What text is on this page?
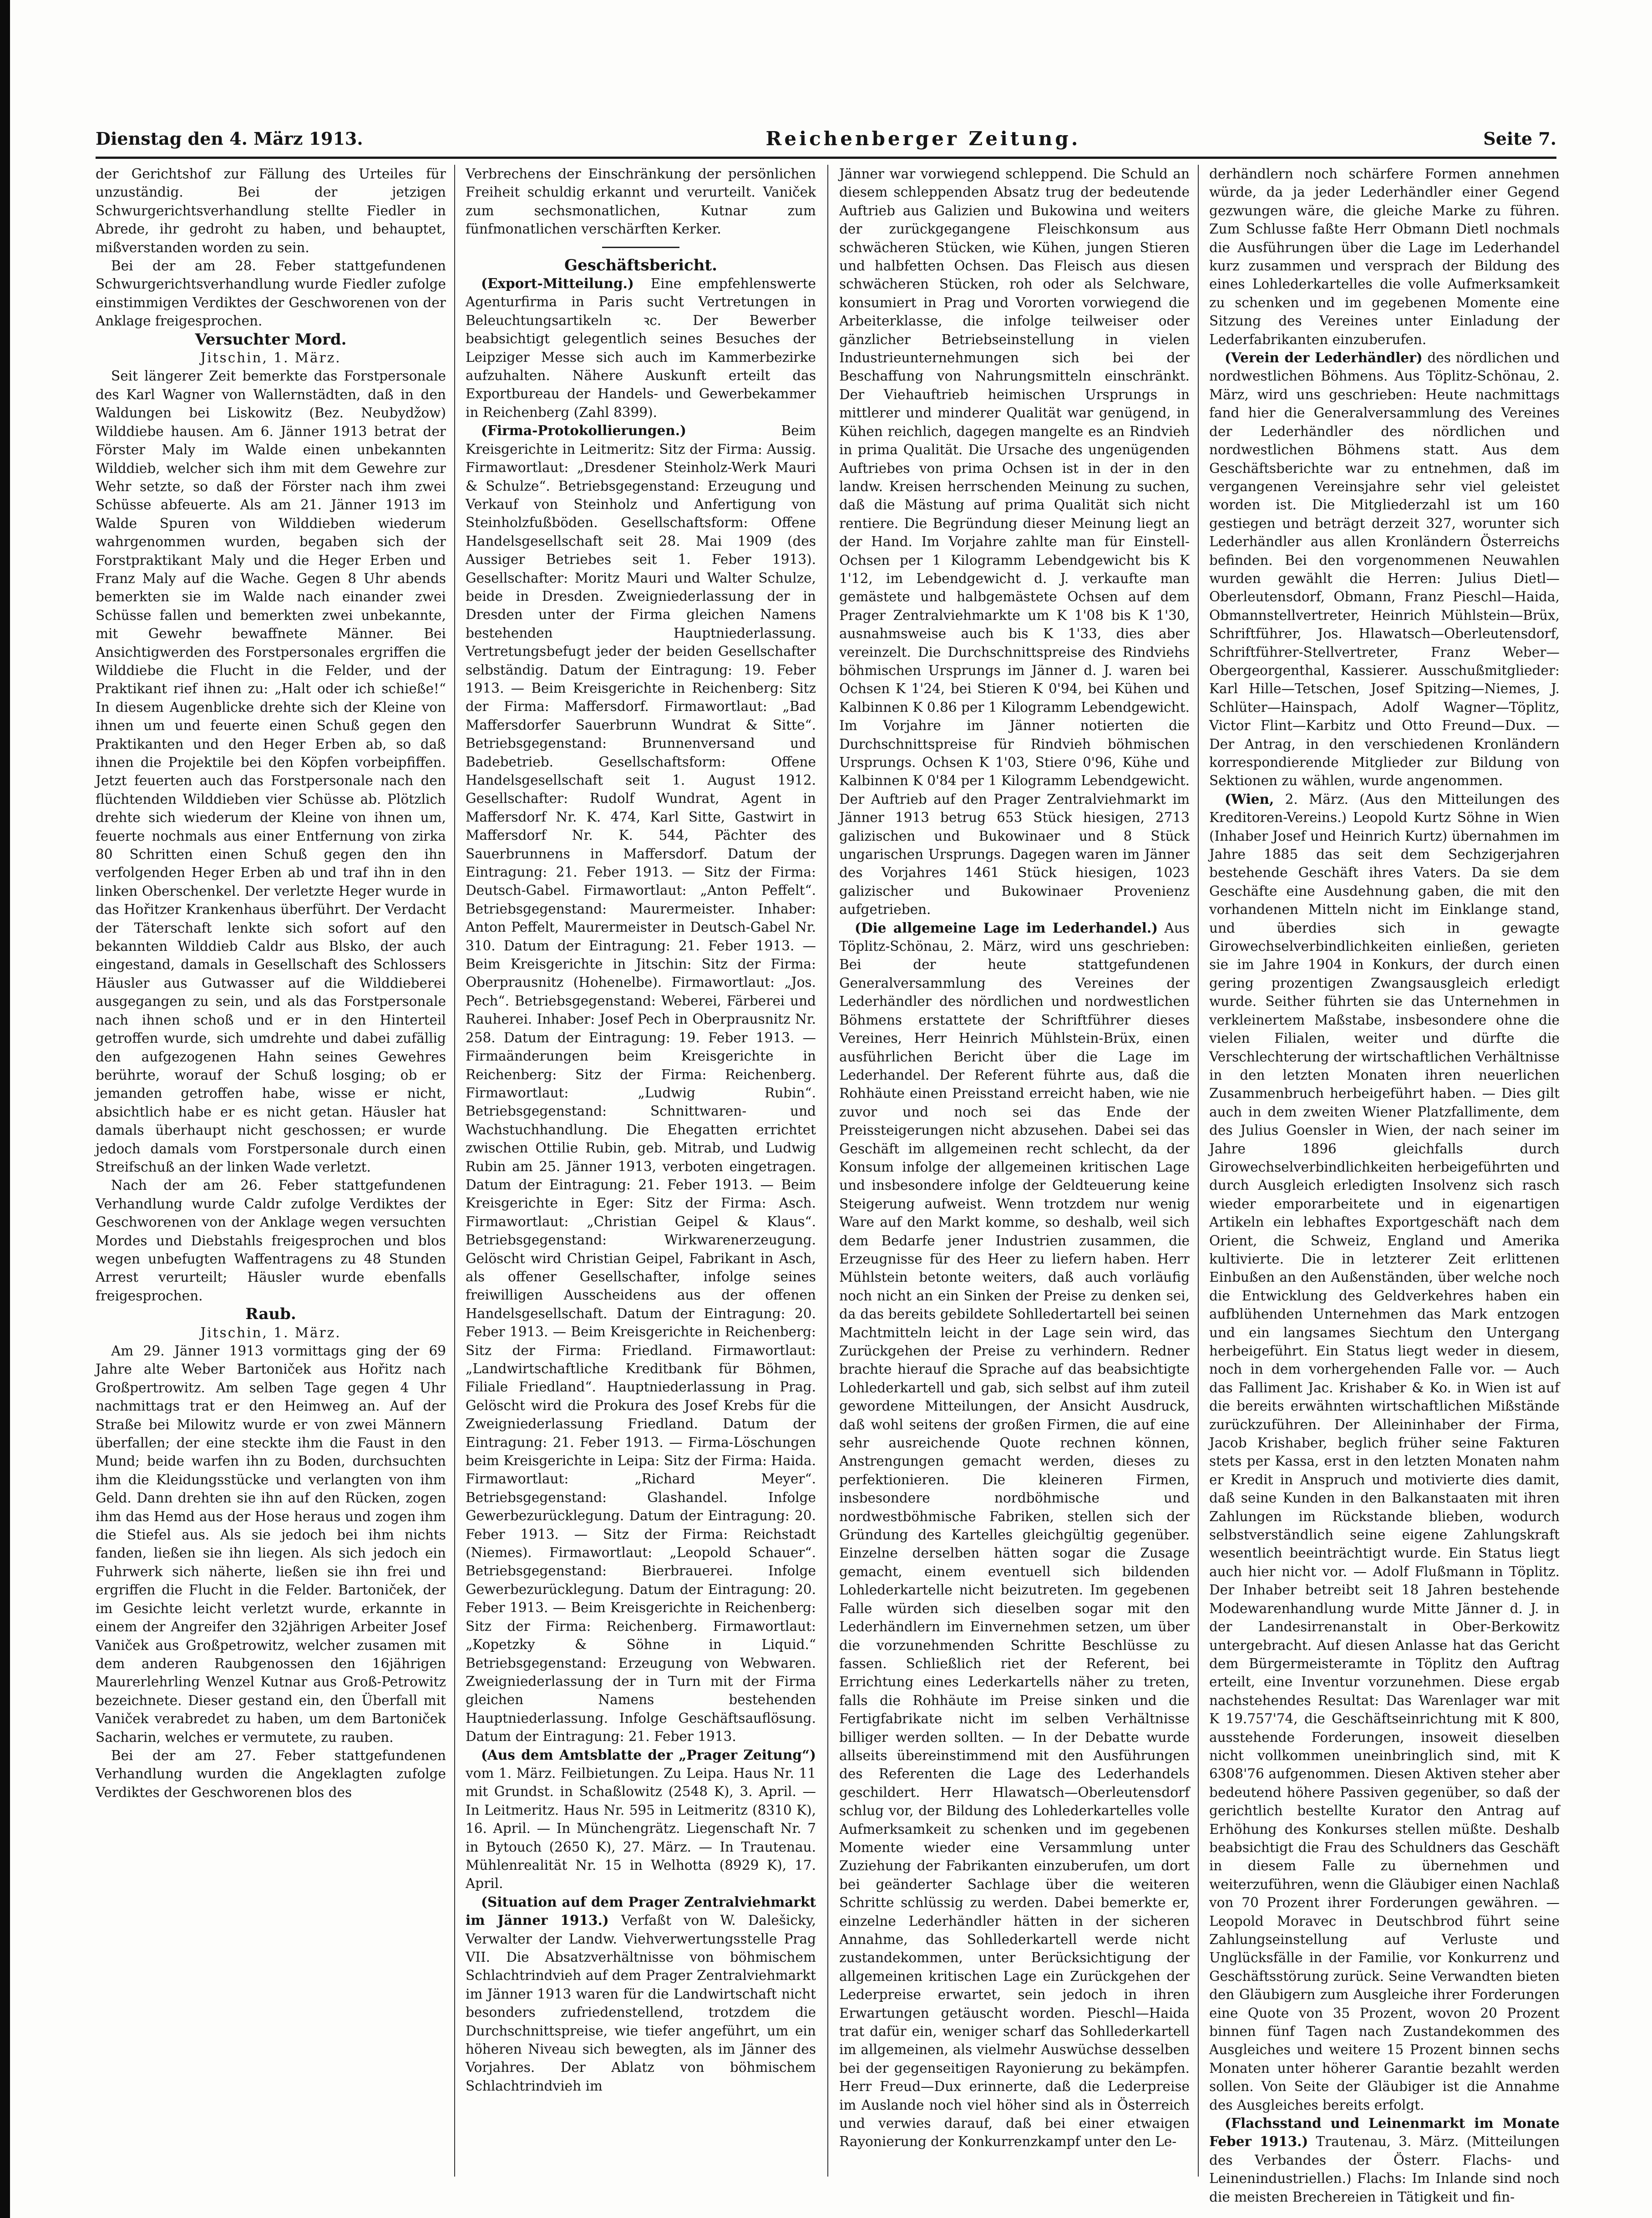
Dienstag den 4. März 1913.	Reichenberger Zeitung.	Seite 7.

der Gerichtshof zur Fällung des Urteiles für unzuständig. Bei der jetzigen Schwurgerichtsverhandlung stellte Fiedler in Abrede, ihr gedroht zu haben, und behauptet, mißverstanden worden zu sein.

Bei der am 28. Feber stattgefundenen Schwurgerichtsverhandlung wurde Fiedler zufolge einstimmigen Verdiktes der Geschworenen von der Anklage freigesprochen.

Versuchter Mord.

Jitschin, 1. März.

Seit längerer Zeit bemerkte das Forstpersonale des Karl Wagner von Wallernstädten, daß in den Waldungen bei Liskowitz (Bez. Neubydžow) Wilddiebe hausen. Am 6. Jänner 1913 betrat der Förster Maly im Walde einen unbekannten Wilddieb, welcher sich ihm mit dem Gewehre zur Wehr setzte, so daß der Förster nach ihm zwei Schüsse abfeuerte. Als am 21. Jänner 1913 im Walde Spuren von Wilddieben wiederum wahrgenommen wurden, begaben sich der Forstpraktikant Maly und die Heger Erben und Franz Maly auf die Wache. Gegen 8 Uhr abends bemerkten sie im Walde nach einander zwei Schüsse fallen und bemerkten zwei unbekannte, mit Gewehr bewaffnete Männer. Bei Ansichtigwerden des Forstpersonales ergriffen die Wilddiebe die Flucht in die Felder, und der Praktikant rief ihnen zu: „Halt oder ich schieße!“ In diesem Augenblicke drehte sich der Kleine von ihnen um und feuerte einen Schuß gegen den Praktikanten und den Heger Erben ab, so daß ihnen die Projektile bei den Köpfen vorbeipfiffen. Jetzt feuerten auch das Forstpersonale nach den flüchtenden Wilddieben vier Schüsse ab. Plötzlich drehte sich wiederum der Kleine von ihnen um, feuerte nochmals aus einer Entfernung von zirka 80 Schritten einen Schuß gegen den ihn verfolgenden Heger Erben ab und traf ihn in den linken Oberschenkel. Der verletzte Heger wurde in das Hořitzer Krankenhaus überführt. Der Verdacht der Täterschaft lenkte sich sofort auf den bekannten Wilddieb Caldr aus Blsko, der auch eingestand, damals in Gesellschaft des Schlossers Häusler aus Gutwasser auf die Wilddieberei ausgegangen zu sein, und als das Forstpersonale nach ihnen schoß und er in den Hinterteil getroffen wurde, sich umdrehte und dabei zufällig den aufgezogenen Hahn seines Gewehres berührte, worauf der Schuß losging; ob er jemanden getroffen habe, wisse er nicht, absichtlich habe er es nicht getan. Häusler hat damals überhaupt nicht geschossen; er wurde jedoch damals vom Forstpersonale durch einen Streifschuß an der linken Wade verletzt.

Nach der am 26. Feber stattgefundenen Verhandlung wurde Caldr zufolge Verdiktes der Geschworenen von der Anklage wegen versuchten Mordes und Diebstahls freigesprochen und blos wegen unbefugten Waffentragens zu 48 Stunden Arrest verurteilt; Häusler wurde ebenfalls freigesprochen.

Raub.

Jitschin, 1. März.

Am 29. Jänner 1913 vormittags ging der 69 Jahre alte Weber Bartoniček aus Hořitz nach Großpertrowitz. Am selben Tage gegen 4 Uhr nachmittags trat er den Heimweg an. Auf der Straße bei Milowitz wurde er von zwei Männern überfallen; der eine steckte ihm die Faust in den Mund; beide warfen ihn zu Boden, durchsuchten ihm die Kleidungsstücke und verlangten von ihm Geld. Dann drehten sie ihn auf den Rücken, zogen ihm das Hemd aus der Hose heraus und zogen ihm die Stiefel aus. Als sie jedoch bei ihm nichts fanden, ließen sie ihn liegen. Als sich jedoch ein Fuhrwerk sich näherte, ließen sie ihn frei und ergriffen die Flucht in die Felder. Bartoniček, der im Gesichte leicht verletzt wurde, erkannte in einem der Angreifer den 32jährigen Arbeiter Josef Vaniček aus Großpetrowitz, welcher zusamen mit dem anderen Raubgenossen den 16jährigen Maurerlehrling Wenzel Kutnar aus Groß-Petrowitz bezeichnete. Dieser gestand ein, den Überfall mit Vaniček verabredet zu haben, um dem Bartoniček Sacharin, welches er vermutete, zu rauben.

Bei der am 27. Feber stattgefundenen Verhandlung wurden die Angeklagten zufolge Verdiktes der Geschworenen blos des

Verbrechens der Einschränkung der persönlichen Freiheit schuldig erkannt und verurteilt. Vaniček zum sechsmonatlichen, Kutnar zum fünfmonatlichen verschärften Kerker.

Geschäftsbericht.

(Export-Mitteilung.) Eine empfehlenswerte Agenturfirma in Paris sucht Vertretungen in Beleuchtungsartikeln ꝛc. Der Bewerber beabsichtigt gelegentlich seines Besuches der Leipziger Messe sich auch im Kammerbezirke aufzuhalten. Nähere Auskunft erteilt das Exportbureau der Handels- und Gewerbekammer in Reichenberg (Zahl 8399).

(Firma-Protokollierungen.)	Beim Kreisgerichte in Leitmeritz: Sitz der Firma: Aussig. Firmawortlaut: „Dresdener Steinholz-Werk Mauri & Schulze“. Betriebsgegenstand: Erzeugung und Verkauf von Steinholz und Anfertigung von Steinholzfußböden. Gesellschaftsform: Offene Handelsgesellschaft seit 28. Mai 1909 (des Aussiger Betriebes seit 1. Feber 1913). Gesellschafter: Moritz Mauri und Walter Schulze, beide in Dresden. Zweigniederlassung der in Dresden unter der Firma gleichen Namens bestehenden Hauptniederlassung. Vertretungsbefugt jeder der beiden Gesellschafter selbständig. Datum der Eintragung: 19. Feber 1913. — Beim Kreisgerichte in Reichenberg: Sitz der Firma: Maffersdorf. Firmawortlaut: „Bad Maffersdorfer Sauerbrunn Wundrat & Sitte“. Betriebsgegenstand: Brunnenversand und Badebetrieb. Gesellschaftsform: Offene Handelsgesellschaft seit 1. August 1912. Gesellschafter: Rudolf Wundrat, Agent in Maffersdorf Nr. K. 474, Karl Sitte, Gastwirt in Maffersdorf Nr. K. 544, Pächter des Sauerbrunnens in Maffersdorf. Datum der Eintragung: 21. Feber 1913. — Sitz der Firma: Deutsch-Gabel. Firmawortlaut: „Anton Peffelt“. Betriebsgegenstand: Maurermeister. Inhaber: Anton Peffelt, Maurermeister in Deutsch-Gabel Nr. 310. Datum der Eintragung: 21. Feber 1913. — Beim Kreisgerichte in Jitschin: Sitz der Firma: Oberprausnitz (Hohenelbe). Firmawortlaut: „Jos. Pech“. Betriebsgegenstand: Weberei, Färberei und Rauherei. Inhaber: Josef Pech in Oberprausnitz Nr. 258. Datum der Eintragung: 19. Feber 1913. — Firmaänderungen beim Kreisgerichte in Reichenberg: Sitz der Firma: Reichenberg. Firmawortlaut: „Ludwig Rubin“. Betriebsgegenstand: Schnittwaren- und Wachstuchhandlung. Die Ehegatten errichtet zwischen Ottilie Rubin, geb. Mitrab, und Ludwig Rubin am 25. Jänner 1913, verboten eingetragen. Datum der Eintragung: 21. Feber 1913. — Beim Kreisgerichte in Eger: Sitz der Firma: Asch. Firmawortlaut: „Christian Geipel & Klaus“. Betriebsgegenstand: Wirkwarenerzeugung. Gelöscht wird Christian Geipel, Fabrikant in Asch, als offener Gesellschafter, infolge seines freiwilligen Ausscheidens aus der offenen Handelsgesellschaft. Datum der Eintragung: 20. Feber 1913. — Beim Kreisgerichte in Reichenberg: Sitz der Firma: Friedland. Firmawortlaut: „Landwirtschaftliche Kreditbank für Böhmen, Filiale Friedland“. Hauptniederlassung in Prag. Gelöscht wird die Prokura des Josef Krebs für die Zweigniederlassung Friedland. Datum der Eintragung: 21. Feber 1913. — Firma-Löschungen beim Kreisgerichte in Leipa: Sitz der Firma: Haida. Firmawortlaut: „Richard Meyer“. Betriebsgegenstand: Glashandel. Infolge Gewerbezurücklegung. Datum der Eintragung: 20. Feber 1913. — Sitz der Firma: Reichstadt (Niemes). Firmawortlaut: „Leopold Schauer“. Betriebsgegenstand: Bierbrauerei. Infolge Gewerbezurücklegung. Datum der Eintragung: 20. Feber 1913. — Beim Kreisgerichte in Reichenberg: Sitz der Firma: Reichenberg. Firmawortlaut: „Kopetzky & Söhne in Liquid.“ Betriebsgegenstand: Erzeugung von Webwaren. Zweigniederlassung der in Turn mit der Firma gleichen Namens bestehenden Hauptniederlassung. Infolge Geschäftsauflösung. Datum der Eintragung: 21. Feber 1913.

(Aus dem Amtsblatte der „Prager Zeitung“) vom 1. März. Feilbietungen. Zu Leipa. Haus Nr. 11 mit Grundst. in Schaßlowitz (2548 K), 3. April. — In Leitmeritz. Haus Nr. 595 in Leitmeritz (8310 K), 16. April. — In Münchengrätz. Liegenschaft Nr. 7 in Bytouch (2650 K), 27. März. — In Trautenau. Mühlenrealität Nr. 15 in Welhotta (8929 K), 17. April.

(Situation auf dem Prager Zentralviehmarkt im Jänner 1913.) Verfaßt von W. Dalešicky, Verwalter der Landw. Viehverwertungsstelle Prag VII. Die Absatzverhältnisse von böhmischem Schlachtrindvieh auf dem Prager Zentralviehmarkt im Jänner 1913 waren für die Landwirtschaft nicht besonders zufriedenstellend, trotzdem die Durchschnittspreise, wie tiefer angeführt, um ein höheren Niveau sich bewegten, als im Jänner des Vorjahres. Der Ablatz von böhmischem Schlachtrindvieh im

Jänner war vorwiegend schleppend. Die Schuld an diesem schleppenden Absatz trug der bedeutende Auftrieb aus Galizien und Bukowina und weiters der zurückgegangene Fleischkonsum aus schwächeren Stücken, wie Kühen, jungen Stieren und halbfetten Ochsen. Das Fleisch aus diesen schwächeren Stücken, roh oder als Selchware, konsumiert in Prag und Vororten vorwiegend die Arbeiterklasse, die infolge teilweiser oder gänzlicher Betriebseinstellung in vielen Industrieunternehmungen sich bei der Beschaffung von Nahrungsmitteln einschränkt. Der Viehauftrieb heimischen Ursprungs in mittlerer und minderer Qualität war genügend, in Kühen reichlich, dagegen mangelte es an Rindvieh in prima Qualität. Die Ursache des ungenügenden Auftriebes von prima Ochsen ist in der in den landw. Kreisen herrschenden Meinung zu suchen, daß die Mästung auf prima Qualität sich nicht rentiere. Die Begründung dieser Meinung liegt an der Hand. Im Vorjahre zahlte man für Einstell-Ochsen per 1 Kilogramm Lebendgewicht bis K 1'12, im Lebendgewicht d. J. verkaufte man gemästete und halbgemästete Ochsen auf dem Prager Zentralviehmarkte um K 1'08 bis K 1'30, ausnahmsweise auch bis K 1'33, dies aber vereinzelt. Die Durchschnittspreise des Rindviehs böhmischen Ursprungs im Jänner d. J. waren bei Ochsen K 1'24, bei Stieren K 0'94, bei Kühen und Kalbinnen K 0.86 per 1 Kilogramm Lebendgewicht. Im Vorjahre im Jänner notierten die Durchschnittspreise für Rindvieh böhmischen Ursprungs. Ochsen K 1'03, Stiere 0'96, Kühe und Kalbinnen K 0'84 per 1 Kilogramm Lebendgewicht. Der Auftrieb auf den Prager Zentralviehmarkt im Jänner 1913 betrug 653 Stück hiesigen, 2713 galizischen und Bukowinaer und 8 Stück ungarischen Ursprungs. Dagegen waren im Jänner des Vorjahres 1461 Stück hiesigen, 1023 galizischer und Bukowinaer Provenienz aufgetrieben.

(Die allgemeine Lage im Lederhandel.) Aus Töplitz-Schönau, 2. März, wird uns geschrieben: Bei der heute stattgefundenen Generalversammlung des Vereines der Lederhändler des nördlichen und nordwestlichen Böhmens erstattete der Schriftführer dieses Vereines, Herr Heinrich Mühlstein-Brüx, einen ausführlichen Bericht über die Lage im Lederhandel. Der Referent führte aus, daß die Rohhäute einen Preisstand erreicht haben, wie nie zuvor und noch sei das Ende der Preissteigerungen nicht abzusehen. Dabei sei das Geschäft im allgemeinen recht schlecht, da der Konsum infolge der allgemeinen kritischen Lage und insbesondere infolge der Geldteuerung keine Steigerung aufweist. Wenn trotzdem nur wenig Ware auf den Markt komme, so deshalb, weil sich dem Bedarfe jener Industrien zusammen, die Erzeugnisse für des Heer zu liefern haben. Herr Mühlstein betonte weiters, daß auch vorläufig noch nicht an ein Sinken der Preise zu denken sei, da das bereits gebildete Sohlledertartell bei seinen Machtmitteln leicht in der Lage sein wird, das Zurückgehen der Preise zu verhindern. Redner brachte hierauf die Sprache auf das beabsichtigte Lohlederkartell und gab, sich selbst auf ihm zuteil gewordene Mitteilungen, der Ansicht Ausdruck, daß wohl seitens der großen Firmen, die auf eine sehr ausreichende Quote rechnen können, Anstrengungen gemacht werden, dieses zu perfektionieren. Die kleineren Firmen, insbesondere nordböhmische und nordwestböhmische Fabriken, stellen sich der Gründung des Kartelles gleichgültig gegenüber. Einzelne derselben hätten sogar die Zusage gemacht, einem eventuell sich bildenden Lohlederkartelle nicht beizutreten. Im gegebenen Falle würden sich dieselben sogar mit den Lederhändlern im Einvernehmen setzen, um über die vorzunehmenden Schritte Beschlüsse zu fassen. Schließlich riet der Referent, bei Errichtung eines Lederkartells näher zu treten, falls die Rohhäute im Preise sinken und die Fertigfabrikate nicht im selben Verhältnisse billiger werden sollten. — In der Debatte wurde allseits übereinstimmend mit den Ausführungen des Referenten die Lage des Lederhandels geschildert. Herr Hlawatsch—Oberleutensdorf schlug vor, der Bildung des Lohlederkartelles volle Aufmerksamkeit zu schenken und im gegebenen Momente wieder eine Versammlung unter Zuziehung der Fabrikanten einzuberufen, um dort bei geänderter Sachlage über die weiteren Schritte schlüssig zu werden. Dabei bemerkte er, einzelne Lederhändler hätten in der sicheren Annahme, das Sohllederkartell werde nicht zustandekommen, unter Berücksichtigung der allgemeinen kritischen Lage ein Zurückgehen der Lederpreise erwartet, sein jedoch in ihren Erwartungen getäuscht worden. Pieschl—Haida trat dafür ein, weniger scharf das Sohllederkartell im allgemeinen, als vielmehr Auswüchse desselben bei der gegenseitigen Rayonierung zu bekämpfen. Herr Freud—Dux erinnerte, daß die Lederpreise im Auslande noch viel höher sind als in Österreich und verwies darauf, daß bei einer etwaigen Rayonierung der Konkurrenzkampf unter den Le-

derhändlern noch schärfere Formen annehmen würde, da ja jeder Lederhändler einer Gegend gezwungen wäre, die gleiche Marke zu führen. Zum Schlusse faßte Herr Obmann Dietl nochmals die Ausführungen über die Lage im Lederhandel kurz zusammen und versprach der Bildung des eines Lohlederkartelles die volle Aufmerksamkeit zu schenken und im gegebenen Momente eine Sitzung des Vereines unter Einladung der Lederfabrikanten einzuberufen.

(Verein der Lederhändler) des nördlichen und nordwestlichen Böhmens. Aus Töplitz-Schönau, 2. März, wird uns geschrieben: Heute nachmittags fand hier die Generalversammlung des Vereines der Lederhändler des nördlichen und nordwestlichen Böhmens statt. Aus dem Geschäftsberichte war zu entnehmen, daß im vergangenen Vereinsjahre sehr viel geleistet worden ist. Die Mitgliederzahl ist um 160 gestiegen und beträgt derzeit 327, worunter sich Lederhändler aus allen Kronländern Österreichs befinden. Bei den vorgenommenen Neuwahlen wurden gewählt die Herren: Julius Dietl—Oberleutensdorf, Obmann, Franz Pieschl—Haida, Obmannstellvertreter, Heinrich Mühlstein—Brüx, Schriftführer, Jos. Hlawatsch—Oberleutensdorf, Schriftführer-Stellvertreter, Franz Weber—Obergeorgenthal, Kassierer. Ausschußmitglieder: Karl Hille—Tetschen, Josef Spitzing—Niemes, J. Schlüter—Hainspach, Adolf Wagner—Töplitz, Victor Flint—Karbitz und Otto Freund—Dux. — Der Antrag, in den verschiedenen Kronländern korrespondierende Mitglieder zur Bildung von Sektionen zu wählen, wurde angenommen.

(Wien, 2. März. (Aus den Mitteilungen des Kreditoren-Vereins.) Leopold Kurtz Söhne in Wien (Inhaber Josef und Heinrich Kurtz) übernahmen im Jahre 1885 das seit dem Sechzigerjahren bestehende Geschäft ihres Vaters. Da sie dem Geschäfte eine Ausdehnung gaben, die mit den vorhandenen Mitteln nicht im Einklange stand, und überdies sich in gewagte Girowechselverbindlichkeiten einließen, gerieten sie im Jahre 1904 in Konkurs, der durch einen gering prozentigen Zwangsausgleich erledigt wurde. Seither führten sie das Unternehmen in verkleinertem Maßstabe, insbesondere ohne die vielen Filialen, weiter und dürfte die Verschlechterung der wirtschaftlichen Verhältnisse in den letzten Monaten ihren neuerlichen Zusammenbruch herbeigeführt haben. — Dies gilt auch in dem zweiten Wiener Platzfallimente, dem des Julius Goensler in Wien, der nach seiner im Jahre 1896 gleichfalls durch Girowechselverbindlichkeiten herbeigeführten und durch Ausgleich erledigten Insolvenz sich rasch wieder emporarbeitete und in eigenartigen Artikeln ein lebhaftes Exportgeschäft nach dem Orient, die Schweiz, England und Amerika kultivierte. Die in letzterer Zeit erlittenen Einbußen an den Außenständen, über welche noch die Entwicklung des Geldverkehres haben ein aufblühenden Unternehmen das Mark entzogen und ein langsames Siechtum den Untergang herbeigeführt. Ein Status liegt weder in diesem, noch in dem vorhergehenden Falle vor. — Auch das Falliment Jac. Krishaber & Ko. in Wien ist auf die bereits erwähnten wirtschaftlichen Mißstände zurückzuführen. Der Alleininhaber der Firma, Jacob Krishaber, beglich früher seine Fakturen stets per Kassa, erst in den letzten Monaten nahm er Kredit in Anspruch und motivierte dies damit, daß seine Kunden in den Balkanstaaten mit ihren Zahlungen im Rückstande blieben, wodurch selbstverständlich seine eigene Zahlungskraft wesentlich beeinträchtigt wurde. Ein Status liegt auch hier nicht vor. — Adolf Flußmann in Töplitz. Der Inhaber betreibt seit 18 Jahren bestehende Modewarenhandlung wurde Mitte Jänner d. J. in der Landesirrenanstalt in Ober-Berkowitz untergebracht. Auf diesen Anlasse hat das Gericht dem Bürgermeisteramte in Töplitz den Auftrag erteilt, eine Inventur vorzunehmen. Diese ergab nachstehendes Resultat: Das Warenlager war mit K 19.757'74, die Geschäftseinrichtung mit K 800, ausstehende Forderungen, insoweit dieselben nicht vollkommen uneinbringlich sind, mit K 6308'76 aufgenommen. Diesen Aktiven steher aber bedeutend höhere Passiven gegenüber, so daß der gerichtlich bestellte Kurator den Antrag auf Erhöhung des Konkurses stellen müßte. Deshalb beabsichtigt die Frau des Schuldners das Geschäft in diesem Falle zu übernehmen und weiterzuführen, wenn die Gläubiger einen Nachlaß von 70 Prozent ihrer Forderungen gewähren. — Leopold Moravec in Deutschbrod führt seine Zahlungseinstellung auf Verluste und Unglücksfälle in der Familie, vor Konkurrenz und Geschäftsstörung zurück. Seine Verwandten bieten den Gläubigern zum Ausgleiche ihrer Forderungen eine Quote von 35 Prozent, wovon 20 Prozent binnen fünf Tagen nach Zustandekommen des Ausgleiches und weitere 15 Prozent binnen sechs Monaten unter höherer Garantie bezahlt werden sollen. Von Seite der Gläubiger ist die Annahme des Ausgleiches bereits erfolgt.

(Flachsstand und Leinenmarkt im Monate Feber 1913.) Trautenau, 3. März. (Mitteilungen des Verbandes der Österr. Flachs- und Leinenindustriellen.) Flachs: Im Inlande sind noch die meisten Brechereien in Tätigkeit und fin-
